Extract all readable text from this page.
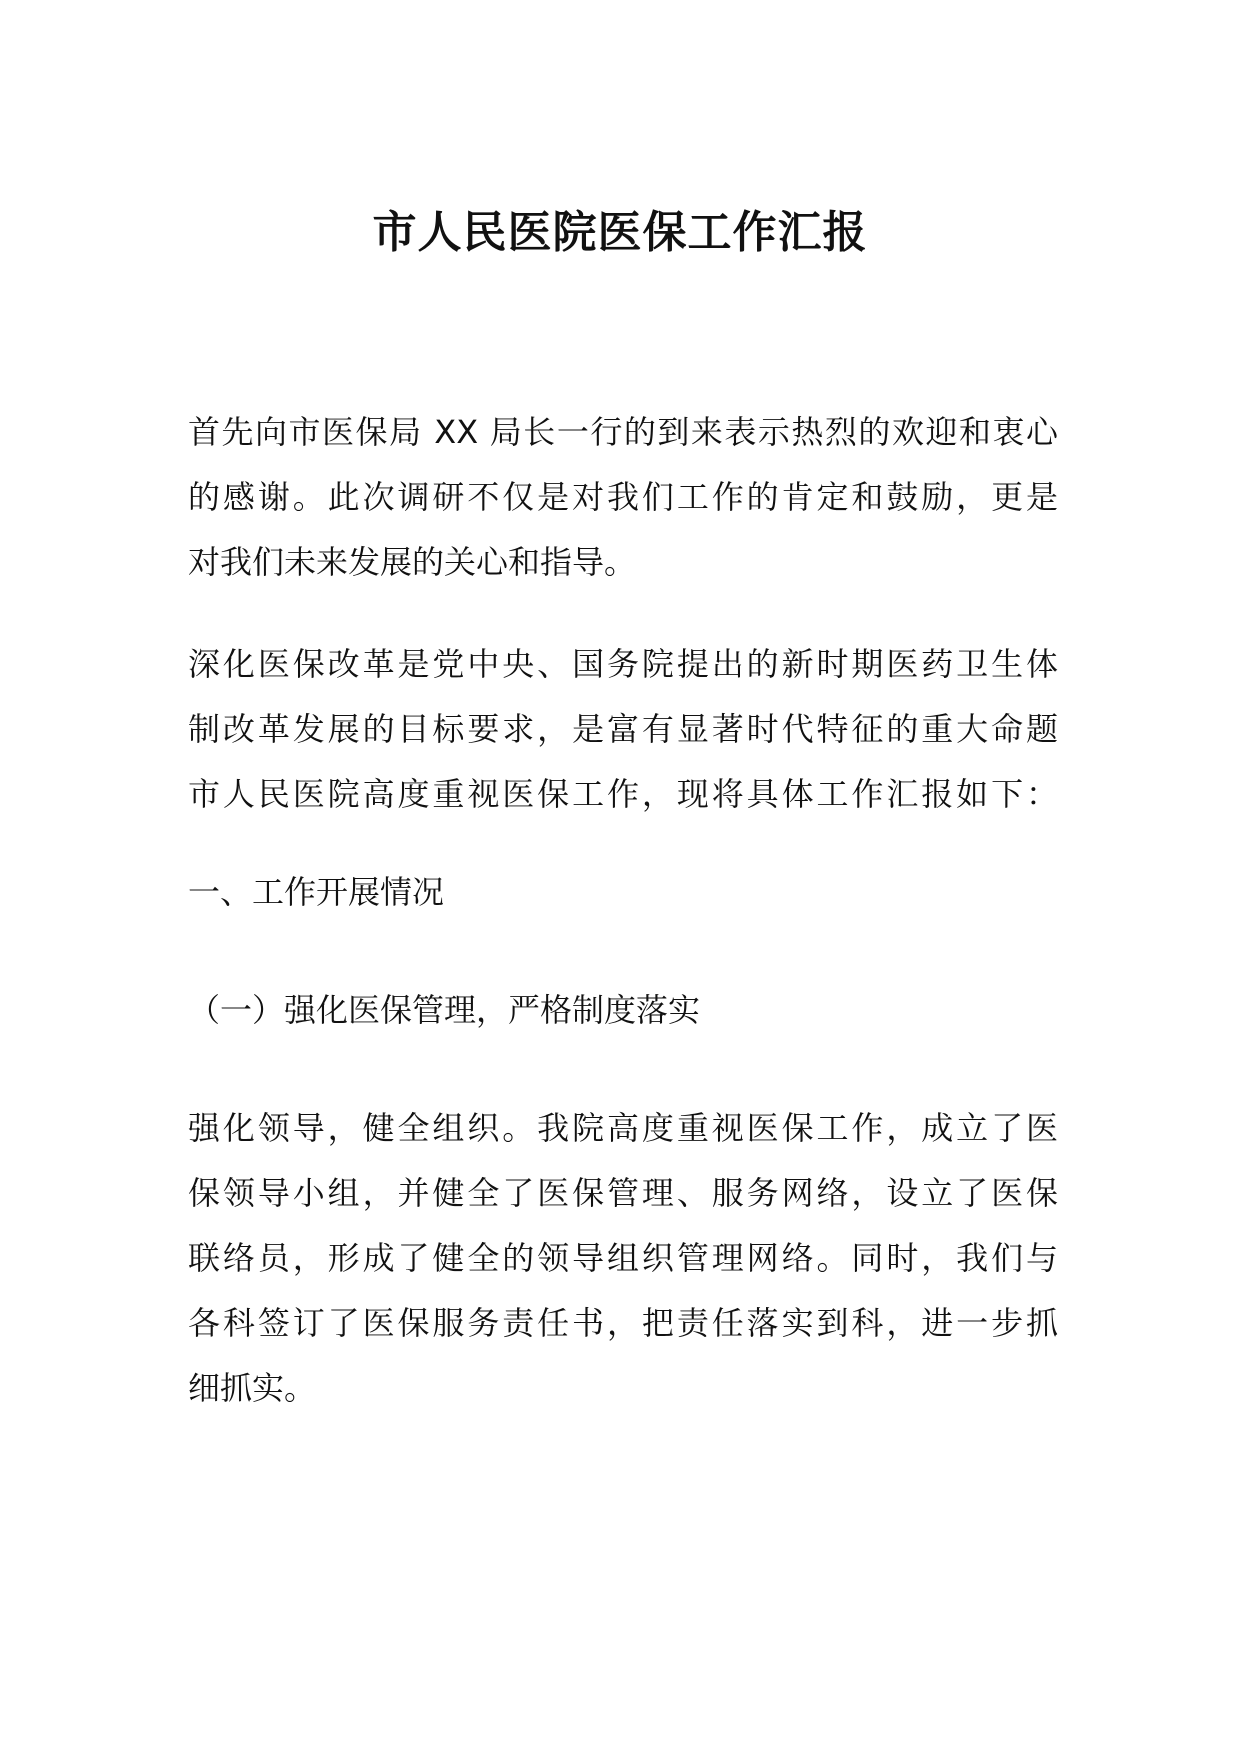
市人民医院医保工作汇报
首先向市医保局 XX 局长一行的到来表示热烈的欢迎和衷心
的感谢。此次调研不仅是对我们工作的肯定和鼓励，更是
对我们未来发展的关心和指导。
深化医保改革是党中央、国务院提出的新时期医药卫生体
制改革发展的目标要求，是富有显著时代特征的重大命题
市人民医院高度重视医保工作，现将具体工作汇报如下：
一、工作开展情况
（一）强化医保管理，严格制度落实
强化领导，健全组织。我院高度重视医保工作，成立了医
保领导小组，并健全了医保管理、服务网络，设立了医保
联络员，形成了健全的领导组织管理网络。同时，我们与
各科签订了医保服务责任书，把责任落实到科，进一步抓
细抓实。
